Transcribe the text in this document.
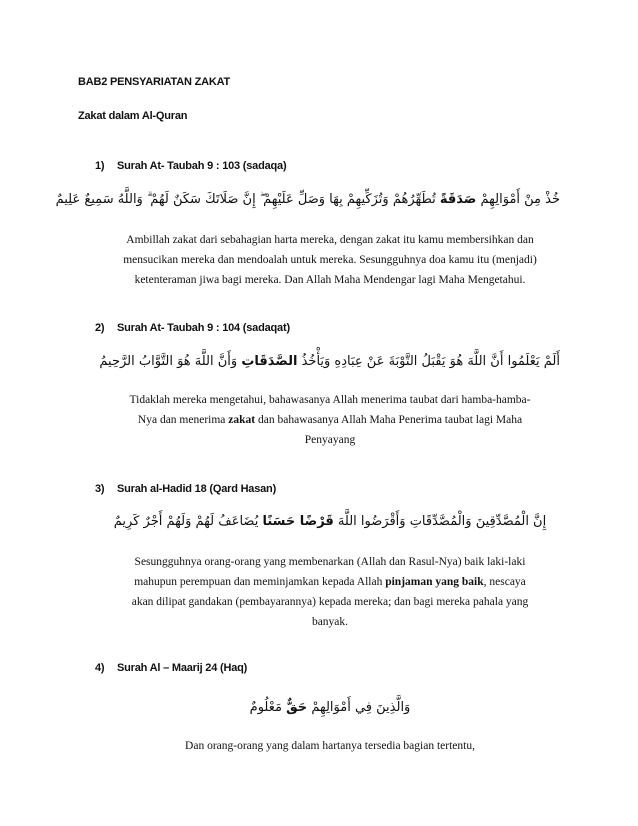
BAB2 PENSYARIATAN ZAKAT
Zakat dalam Al-Quran
1) Surah At- Taubah 9 : 103 (sadaqa)
خُذْ مِنْ أَمْوَالِهِمْ صَدَقَةً تُطَهِّرُهُمْ وَتُزَكِّيهِمْ بِهَا وَصَلِّ عَلَيْهِمْ ۖ إِنَّ صَلَاتَكَ سَكَنٌ لَهُمْ ۗ وَاللَّهُ سَمِيعٌ عَلِيمٌ
Ambillah zakat dari sebahagian harta mereka, dengan zakat itu kamu membersihkan dan
mensucikan mereka dan mendoalah untuk mereka. Sesungguhnya doa kamu itu (menjadi)
ketenteraman jiwa bagi mereka. Dan Allah Maha Mendengar lagi Maha Mengetahui.
2) Surah At- Taubah 9 : 104 (sadaqat)
أَلَمْ يَعْلَمُوا أَنَّ اللَّهَ هُوَ يَقْبَلُ التَّوْبَةَ عَنْ عِبَادِهِ وَيَأْخُذُ الصَّدَقَاتِ وَأَنَّ اللَّهَ هُوَ التَّوَّابُ الرَّحِيمُ
Tidaklah mereka mengetahui, bahawasanya Allah menerima taubat dari hamba-hamba-
Nya dan menerima zakat dan bahawasanya Allah Maha Penerima taubat lagi Maha
Penyayang
3) Surah al-Hadid 18 (Qard Hasan)
إِنَّ الْمُصَّدِّقِينَ وَالْمُصَّدِّقَاتِ وَأَقْرَضُوا اللَّهَ قَرْضًا حَسَنًا يُضَاعَفُ لَهُمْ وَلَهُمْ أَجْرٌ كَرِيمٌ
Sesungguhnya orang-orang yang membenarkan (Allah dan Rasul-Nya) baik laki-laki
mahupun perempuan dan meminjamkan kepada Allah pinjaman yang baik, nescaya
akan dilipat gandakan (pembayarannya) kepada mereka; dan bagi mereka pahala yang
banyak.
4) Surah Al – Maarij 24 (Haq)
وَالَّذِينَ فِي أَمْوَالِهِمْ حَقٌّ مَعْلُومٌ
Dan orang-orang yang dalam hartanya tersedia bagian tertentu,
